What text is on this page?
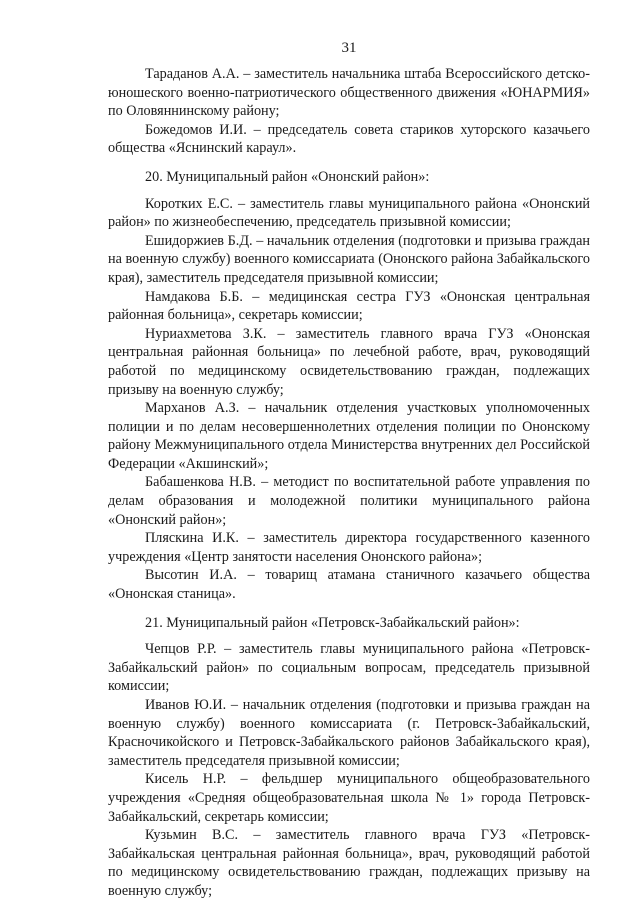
31

Тараданов А.А. – заместитель начальника штаба Всероссийского детско-юношеского военно-патриотического общественного движения «ЮНАРМИЯ» по Оловяннинскому району;

Божедомов И.И. – председатель совета стариков хуторского казачьего общества «Яснинский караул».

20. Муниципальный район «Ононский район»:

Коротких Е.С. – заместитель главы муниципального района «Ононский район» по жизнеобеспечению, председатель призывной комиссии;

Ешидоржиев Б.Д. – начальник отделения (подготовки и призыва граждан на военную службу) военного комиссариата (Ононского района Забайкальского края), заместитель председателя призывной комиссии;

Намдакова Б.Б. – медицинская сестра ГУЗ «Ононская центральная районная больница», секретарь комиссии;

Нуриахметова З.К. – заместитель главного врача ГУЗ «Ононская центральная районная больница» по лечебной работе, врач, руководящий работой по медицинскому освидетельствованию граждан, подлежащих призыву на военную службу;

Марханов А.З. – начальник отделения участковых уполномоченных полиции и по делам несовершеннолетних отделения полиции по Ононскому району Межмуниципального отдела Министерства внутренних дел Российской Федерации «Акшинский»;

Бабашенкова Н.В. – методист по воспитательной работе управления по делам образования и молодежной политики муниципального района «Ононский район»;

Пляскина И.К. – заместитель директора государственного казенного учреждения «Центр занятости населения Ононского района»;

Высотин И.А. – товарищ атамана станичного казачьего общества «Ононская станица».

21. Муниципальный район «Петровск-Забайкальский район»:

Чепцов Р.Р. – заместитель главы муниципального района «Петровск-Забайкальский район» по социальным вопросам, председатель призывной комиссии;

Иванов Ю.И. – начальник отделения (подготовки и призыва граждан на военную службу) военного комиссариата (г. Петровск-Забайкальский, Красночикойского и Петровск-Забайкальского районов Забайкальского края), заместитель председателя призывной комиссии;

Кисель Н.Р. – фельдшер муниципального общеобразовательного учреждения «Средняя общеобразовательная школа № 1» города Петровск-Забайкальский, секретарь комиссии;

Кузьмин В.С. – заместитель главного врача ГУЗ «Петровск-Забайкальская центральная районная больница», врач, руководящий работой по медицинскому освидетельствованию граждан, подлежащих призыву на военную службу;
